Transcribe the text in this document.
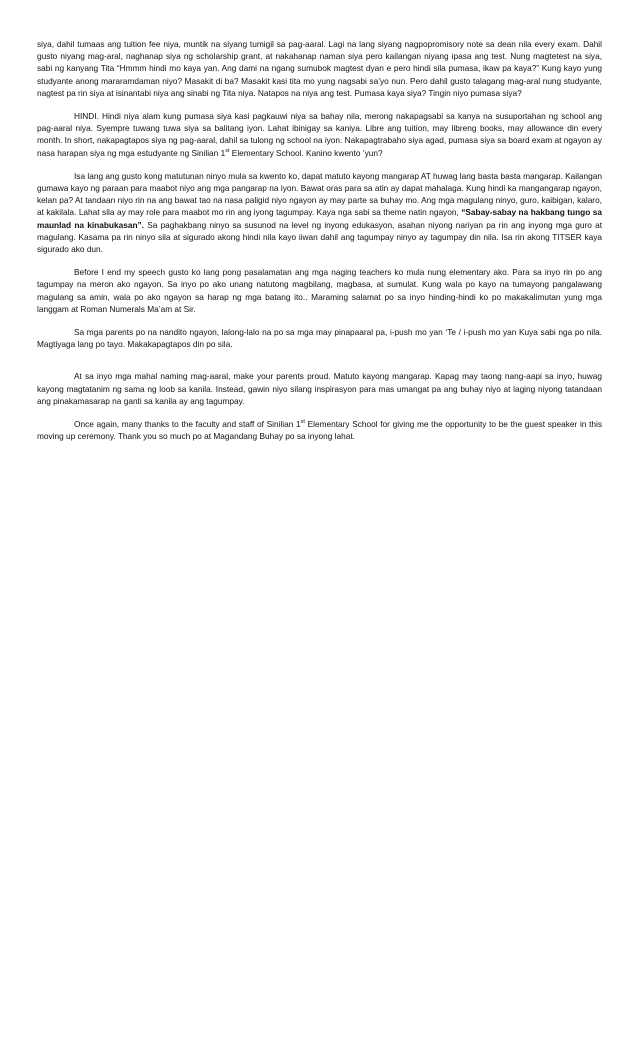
siya, dahil tumaas ang tuition fee niya, muntik na siyang tumigil sa pag-aaral. Lagi na lang siyang nagpopromisory note sa dean nila every exam. Dahil gusto niyang mag-aral, naghanap siya ng scholarship grant, at nakahanap naman siya pero kailangan niyang ipasa ang test. Nung magtetest na siya, sabi ng kanyang Tita “Hmmm hindi mo kaya yan. Ang dami na ngang sumubok magtest dyan e pero hindi sila pumasa, ikaw pa kaya?” Kung kayo yung studyante anong mararamdaman niyo? Masakit di ba? Masakit kasi tita mo yung nagsabi sa’yo nun. Pero dahil gusto talagang mag-aral nung studyante, nagtest pa rin siya at isinantabi niya ang sinabi ng Tita niya. Natapos na niya ang test. Pumasa kaya siya? Tingin niyo pumasa siya?

HINDI. Hindi niya alam kung pumasa siya kasi pagkauwi niya sa bahay nila, merong nakapagsabi sa kanya na susuportahan ng school ang pag-aaral niya. Syempre tuwang tuwa siya sa balitang iyon. Lahat ibinigay sa kaniya. Libre ang tuition, may libreng books, may allowance din every month. In short, nakapagtapos siya ng pag-aaral, dahil sa tulong ng school na iyon. Nakapagtrabaho siya agad, pumasa siya sa board exam at ngayon ay nasa harapan siya ng mga estudyante ng Sinilian 1st Elementary School. Kanino kwento ’yun?

Isa lang ang gusto kong matutunan ninyo mula sa kwento ko, dapat matuto kayong mangarap AT huwag lang basta basta mangarap. Kailangan gumawa kayo ng paraan para maabot niyo ang mga pangarap na iyon. Bawat oras para sa atin ay dapat mahalaga. Kung hindi ka mangangarap ngayon, kelan pa? At tandaan niyo rin na ang bawat tao na nasa paligid niyo ngayon ay may parte sa buhay mo. Ang mga magulang ninyo, guro, kaibigan, kalaro, at kakilala. Lahat sila ay may role para maabot mo rin ang iyong tagumpay. Kaya nga sabi sa theme natin ngayon, “Sabay-sabay na hakbang tungo sa maunlad na kinabukasan”. Sa paghakbang ninyo sa susunod na level ng inyong edukasyon, asahan niyong nariyan pa rin ang inyong mga guro at magulang. Kasama pa rin ninyo sila at sigurado akong hindi nila kayo iiwan dahil ang tagumpay ninyo ay tagumpay din nila. Isa rin akong TITSER kaya sigurado ako dun.

Before I end my speech gusto ko lang pong pasalamatan ang mga naging teachers ko mula nung elementary ako. Para sa inyo rin po ang tagumpay na meron ako ngayon. Sa inyo po ako unang natutong magbilang, magbasa, at sumulat. Kung wala po kayo na tumayong pangalawang magulang sa amin, wala po ako ngayon sa harap ng mga batang ito.. Maraming salamat po sa inyo hinding-hindi ko po makakalimutan yung mga langgam at Roman Numerals Ma’am at Sir.

Sa mga parents po na nandito ngayon, lalong-lalo na po sa mga may pinapaaral pa, i-push mo yan ‘Te / i-push mo yan Kuya sabi nga po nila. Magtiyaga lang po tayo. Makakapagtapos din po sila.

At sa inyo mga mahal naming mag-aaral, make your parents proud. Matuto kayong mangarap. Kapag may taong nang-aapi sa inyo, huwag kayong magtatanim ng sama ng loob sa kanila. Instead, gawin niyo silang inspirasyon para mas umangat pa ang buhay niyo at laging niyong tatandaan ang pinakamasarap na ganti sa kanila ay ang tagumpay.

Once again, many thanks to the faculty and staff of Sinilian 1st Elementary School for giving me the opportunity to be the guest speaker in this moving up ceremony. Thank you so much po at Magandang Buhay po sa inyong lahat.
